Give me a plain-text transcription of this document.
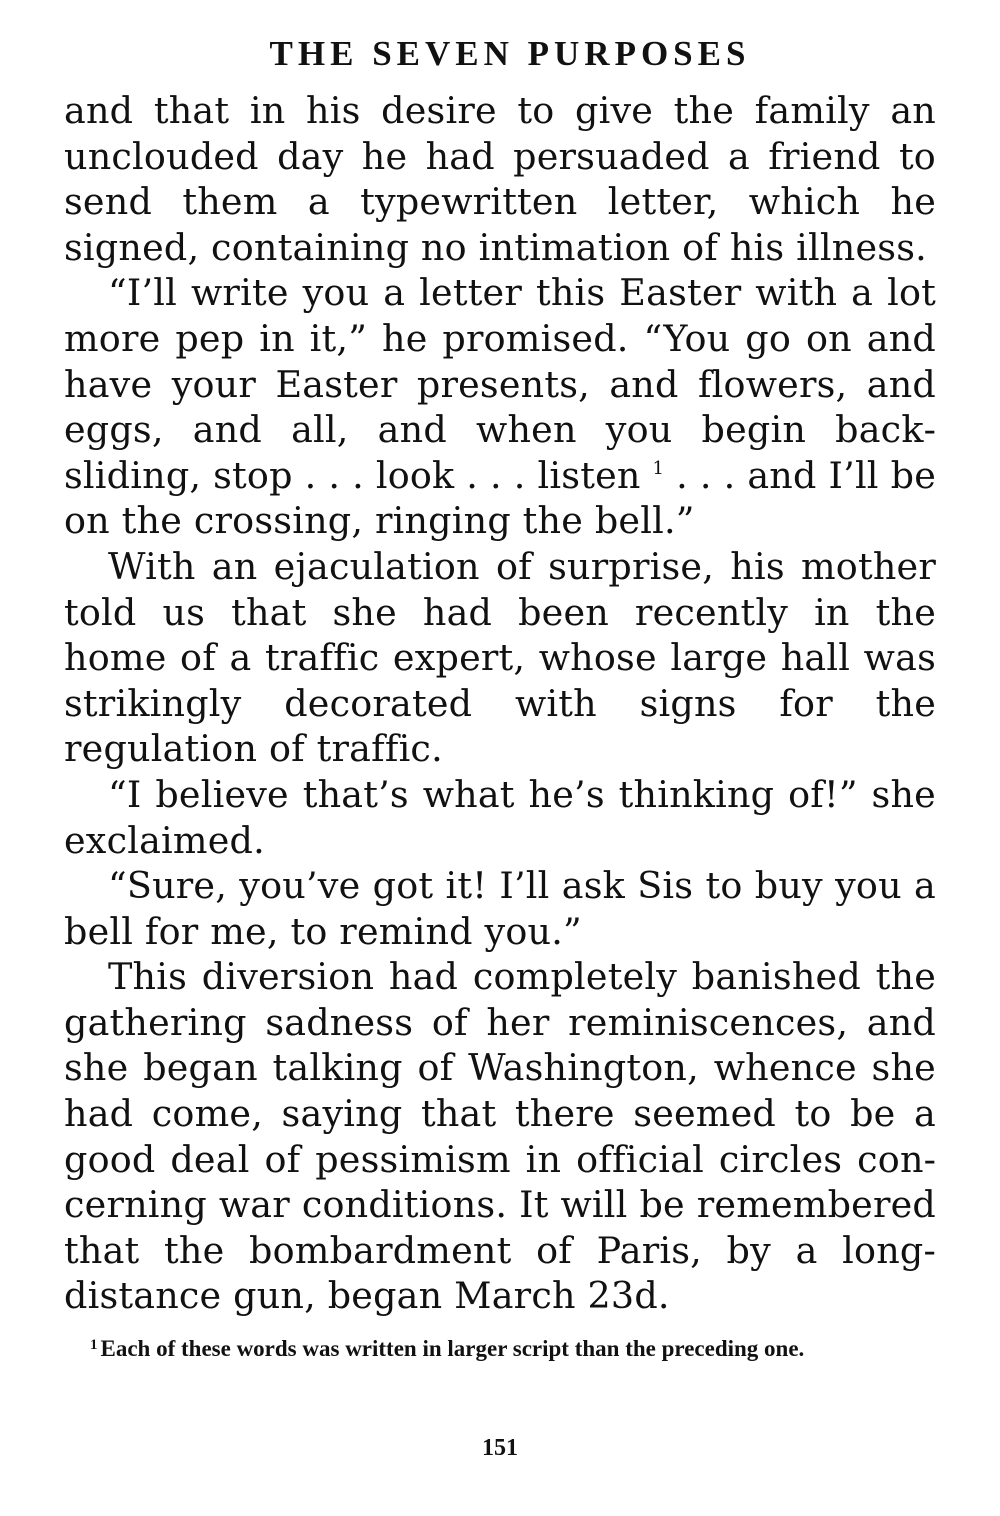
THE SEVEN PURPOSES

and that in his desire to give the family an unclouded day he had persuaded a friend to send them a typewritten letter, which he signed, containing no intimation of his illness.

“I’ll write you a letter this Easter with a lot more pep in it,” he promised. “You go on and have your Easter presents, and flowers, and eggs, and all, and when you begin backsliding, stop . . . look . . . listen $^1$ . . . and I’ll be on the crossing, ringing the bell.”

With an ejaculation of surprise, his mother told us that she had been recently in the home of a traffic expert, whose large hall was strikingly decorated with signs for the regulation of traffic.

“I believe that’s what he’s thinking of!” she exclaimed.

“Sure, you’ve got it! I’ll ask Sis to buy you a bell for me, to remind you.”

This diversion had completely banished the gathering sadness of her reminiscences, and she began talking of Washington, whence she had come, saying that there seemed to be a good deal of pessimism in official circles concerning war conditions. It will be remembered that the bombardment of Paris, by a long-distance gun, began March 23d.

$^1$ Each of these words was written in larger script than the preceding one.
151
